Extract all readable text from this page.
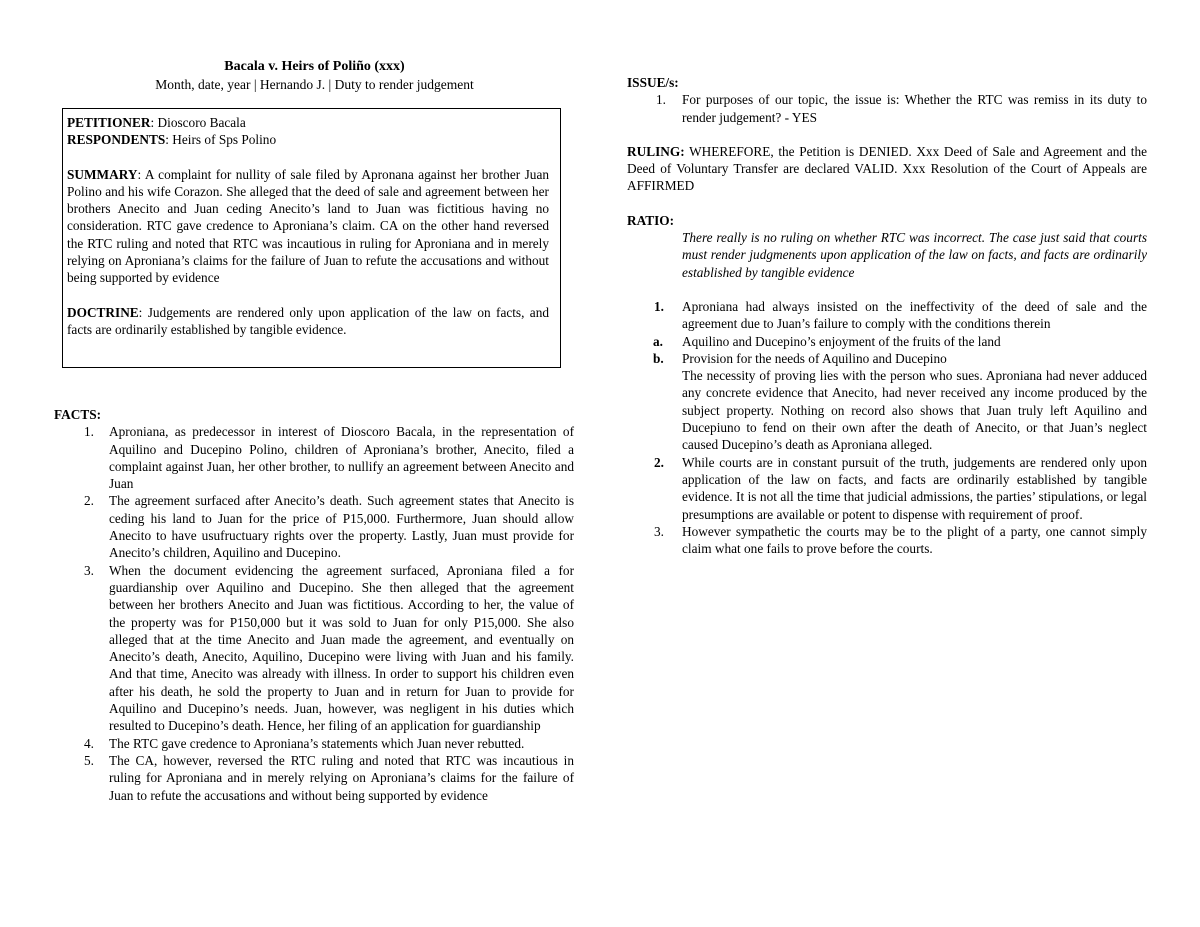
Bacala v. Heirs of Poliño (xxx)
Month, date, year | Hernando J. | Duty to render judgement

PETITIONER: Dioscoro Bacala

RESPONDENTS: Heirs of Sps Polino

SUMMARY: A complaint for nullity of sale filed by Apronana against her brother Juan Polino and his wife Corazon. She alleged that the deed of sale and agreement between her brothers Anecito and Juan ceding Anecito’s land to Juan was fictitious having no consideration. RTC gave credence to Aproniana’s claim. CA on the other hand reversed the RTC ruling and noted that RTC was incautious in ruling for Aproniana and in merely relying on Aproniana’s claims for the failure of Juan to refute the accusations and without being supported by evidence

DOCTRINE: Judgements are rendered only upon application of the law on facts, and facts are ordinarily established by tangible evidence.

FACTS:

1. Aproniana, as predecessor in interest of Dioscoro Bacala, in the representation of Aquilino and Ducepino Polino, children of Aproniana’s brother, Anecito, filed a complaint against Juan, her other brother, to nullify an agreement between Anecito and Juan
2. The agreement surfaced after Anecito’s death. Such agreement states that Anecito is ceding his land to Juan for the price of P15,000. Furthermore, Juan should allow Anecito to have usufructuary rights over the property. Lastly, Juan must provide for Anecito’s children, Aquilino and Ducepino.
3. When the document evidencing the agreement surfaced, Aproniana filed a for guardianship over Aquilino and Ducepino. She then alleged that the agreement between her brothers Anecito and Juan was fictitious. According to her, the value of the property was for P150,000 but it was sold to Juan for only P15,000. She also alleged that at the time Anecito and Juan made the agreement, and eventually on Anecito’s death, Anecito, Aquilino, Ducepino were living with Juan and his family. And that time, Anecito was already with illness. In order to support his children even after his death, he sold the property to Juan and in return for Juan to provide for Aquilino and Ducepino’s needs. Juan, however, was negligent in his duties which resulted to Ducepino’s death. Hence, her filing of an application for guardianship
4. The RTC gave credence to Aproniana’s statements which Juan never rebutted.
5. The CA, however, reversed the RTC ruling and noted that RTC was incautious in ruling for Aproniana and in merely relying on Aproniana’s claims for the failure of Juan to refute the accusations and without being supported by evidence

ISSUE/s:

1. For purposes of our topic, the issue is: Whether the RTC was remiss in its duty to render judgement? - YES

RULING: WHEREFORE, the Petition is DENIED. Xxx Deed of Sale and Agreement and the Deed of Voluntary Transfer are declared VALID. Xxx Resolution of the Court of Appeals are AFFIRMED

RATIO:

There really is no ruling on whether RTC was incorrect. The case just said that courts must render judgmenents upon application of the law on facts, and facts are ordinarily established by tangible evidence
1. Aproniana had always insisted on the ineffectivity of the deed of sale and the agreement due to Juan’s failure to comply with the conditions therein
a. Aquilino and Ducepino’s enjoyment of the fruits of the land
b. Provision for the needs of Aquilino and Ducepino
The necessity of proving lies with the person who sues. Aproniana had never adduced any concrete evidence that Anecito, had never received any income produced by the subject property. Nothing on record also shows that Juan truly left Aquilino and Ducepiuno to fend on their own after the death of Anecito, or that Juan’s neglect caused Ducepino’s death as Aproniana alleged.
2. While courts are in constant pursuit of the truth, judgements are rendered only upon application of the law on facts, and facts are ordinarily established by tangible evidence. It is not all the time that judicial admissions, the parties’ stipulations, or legal presumptions are available or potent to dispense with requirement of proof.
3. However sympathetic the courts may be to the plight of a party, one cannot simply claim what one fails to prove before the courts.
